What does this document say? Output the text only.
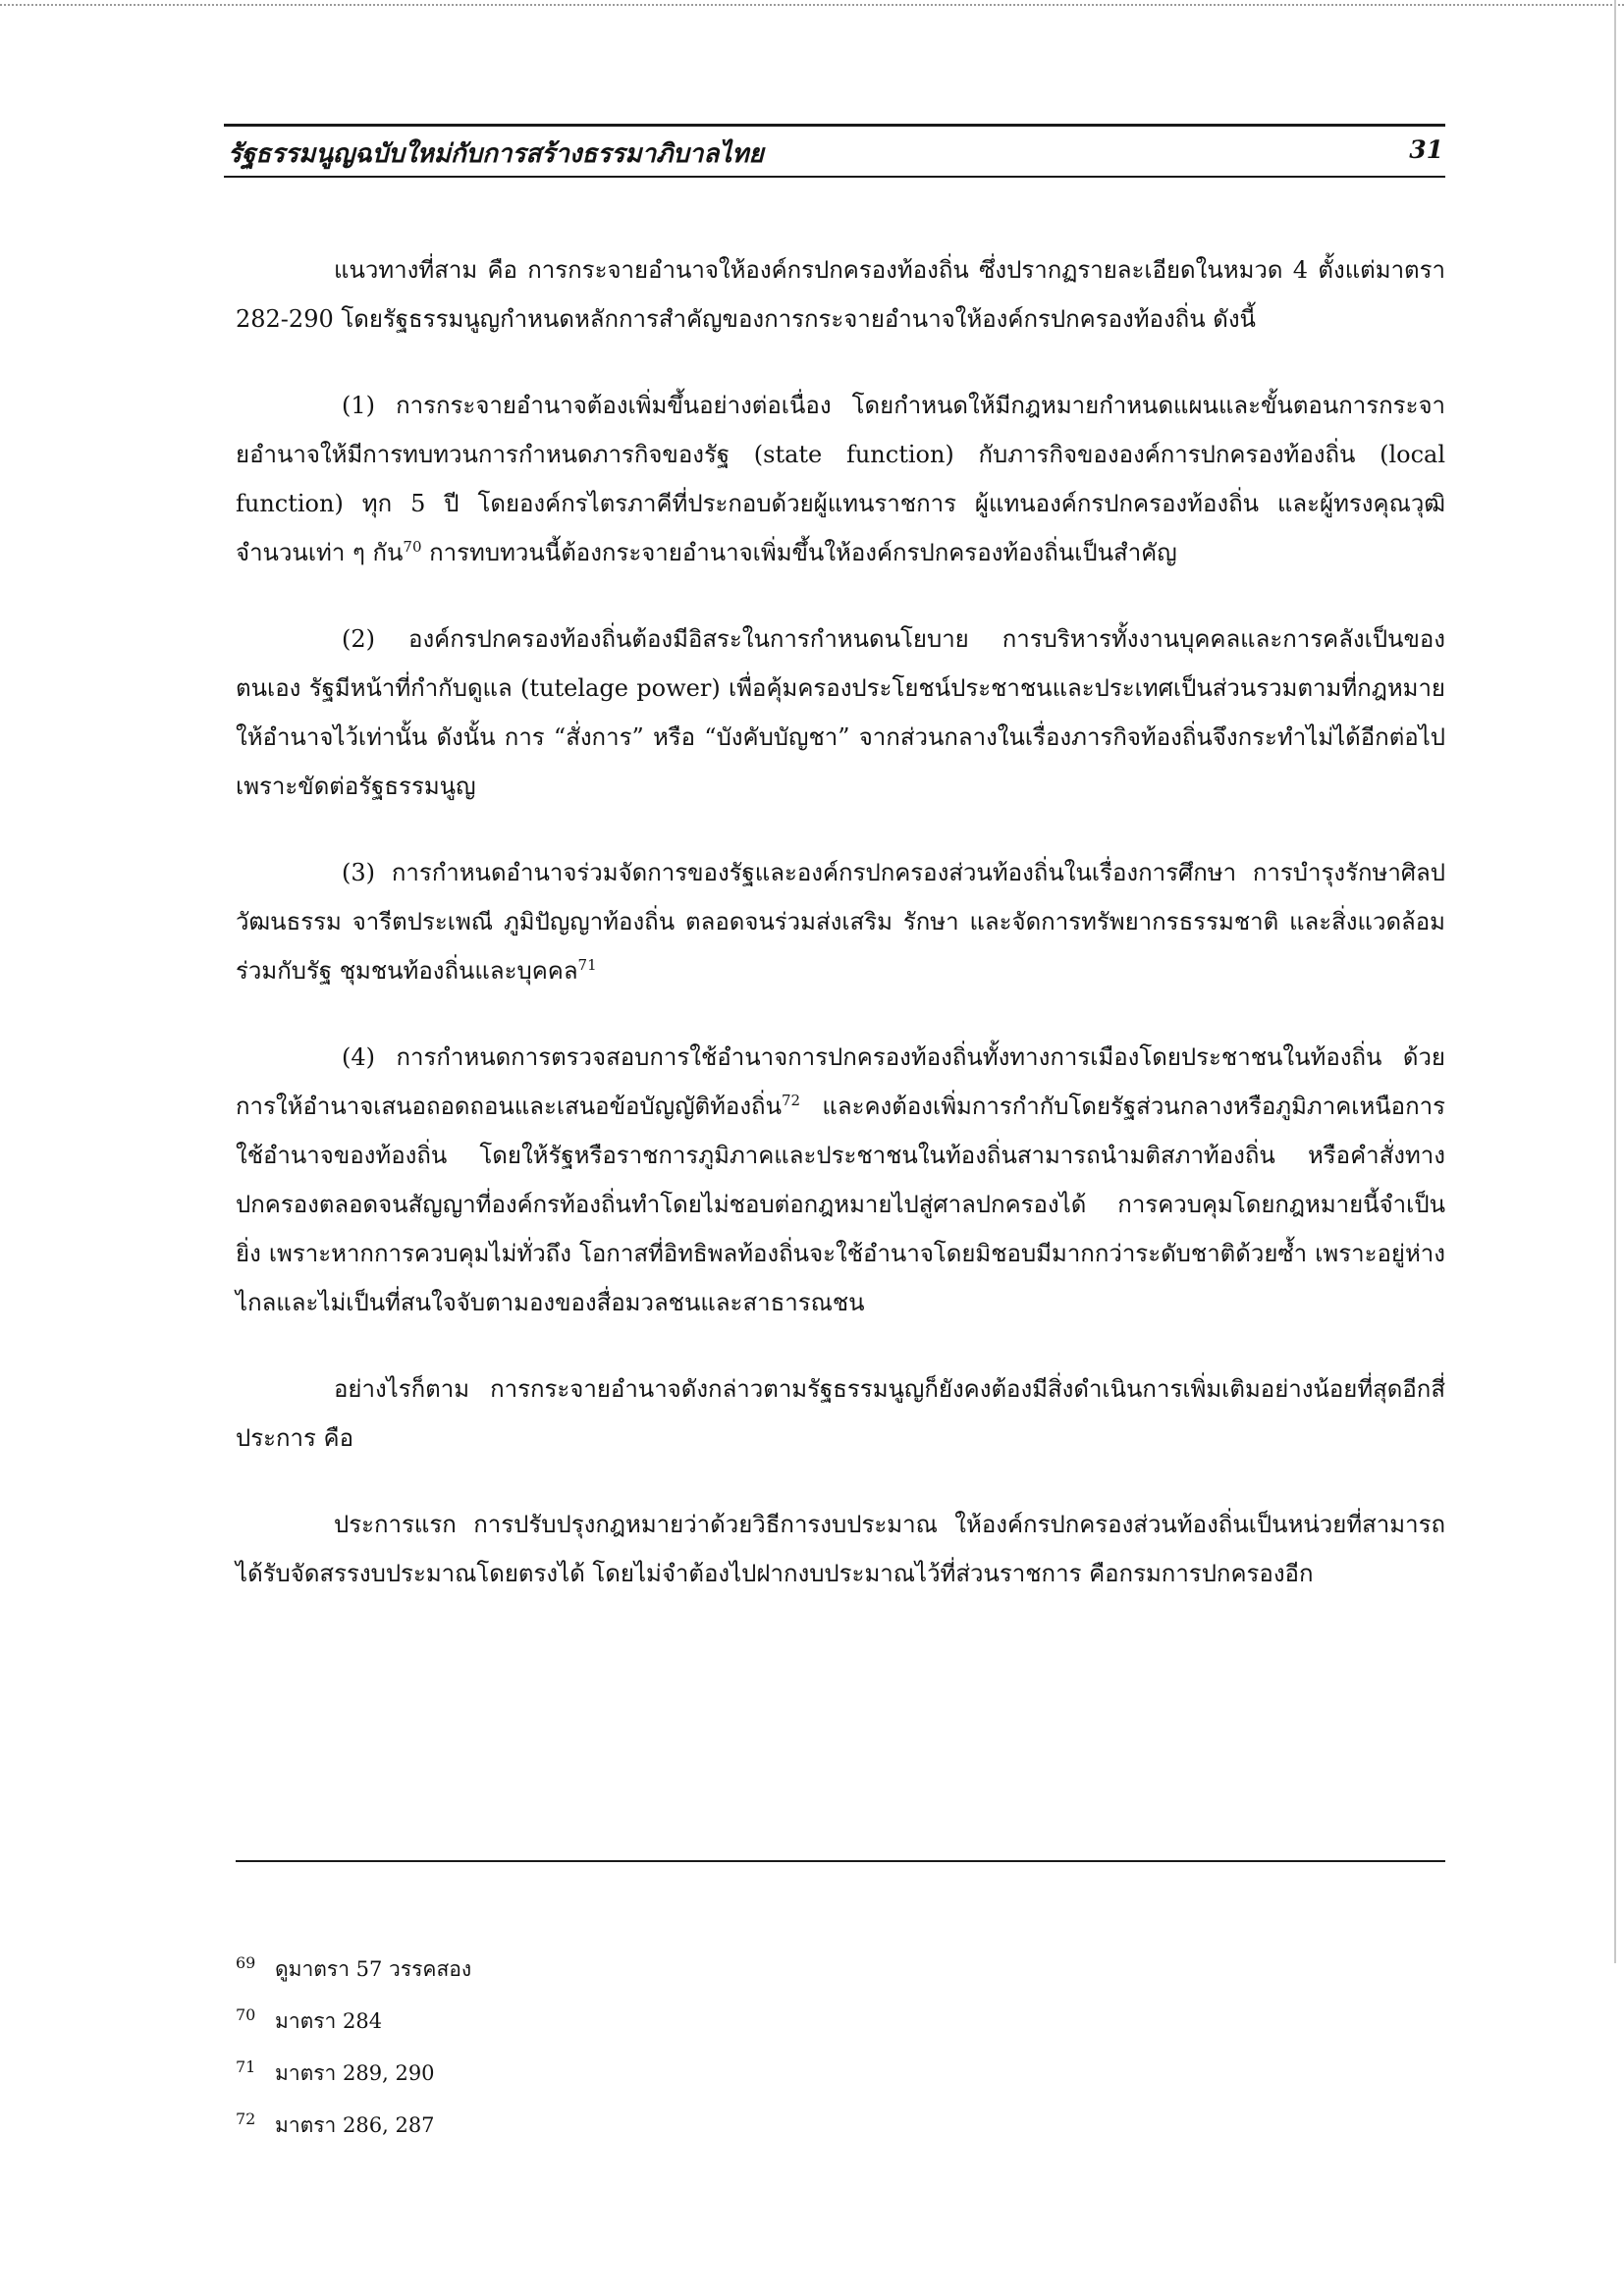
รัฐธรรมนูญฉบับใหม่กับการสร้างธรรมาภิบาลไทย	31

แนวทางที่สาม คือ การกระจายอำนาจให้องค์กรปกครองท้องถิ่น ซึ่งปรากฏรายละเอียดในหมวด 4 ตั้งแต่มาตรา 282-290 โดยรัฐธรรมนูญกำหนดหลักการสำคัญของการกระจายอำนาจให้องค์กรปกครองท้องถิ่น ดังนี้

(1) การกระจายอำนาจต้องเพิ่มขึ้นอย่างต่อเนื่อง โดยกำหนดให้มีกฎหมายกำหนดแผนและขั้นตอนการกระจายอำนาจให้มีการทบทวนการกำหนดภารกิจของรัฐ (state function) กับภารกิจขององค์การปกครองท้องถิ่น (local function) ทุก 5 ปี โดยองค์กรไตรภาคีที่ประกอบด้วยผู้แทนราชการ ผู้แทนองค์กรปกครองท้องถิ่น และผู้ทรงคุณวุฒิจำนวนเท่า ๆ กัน$^{70}$ การทบทวนนี้ต้องกระจายอำนาจเพิ่มขึ้นให้องค์กรปกครองท้องถิ่นเป็นสำคัญ

(2) องค์กรปกครองท้องถิ่นต้องมีอิสระในการกำหนดนโยบาย การบริหารทั้งงานบุคคลและการคลังเป็นของตนเอง รัฐมีหน้าที่กำกับดูแล (tutelage power) เพื่อคุ้มครองประโยชน์ประชาชนและประเทศเป็นส่วนรวมตามที่กฎหมายให้อำนาจไว้เท่านั้น ดังนั้น การ “สั่งการ” หรือ “บังคับบัญชา” จากส่วนกลางในเรื่องภารกิจท้องถิ่นจึงกระทำไม่ได้อีกต่อไป เพราะขัดต่อรัฐธรรมนูญ

(3) การกำหนดอำนาจร่วมจัดการของรัฐและองค์กรปกครองส่วนท้องถิ่นในเรื่องการศึกษา การบำรุงรักษาศิลปวัฒนธรรม จารีตประเพณี ภูมิปัญญาท้องถิ่น ตลอดจนร่วมส่งเสริม รักษา และจัดการทรัพยากรธรรมชาติ และสิ่งแวดล้อมร่วมกับรัฐ ชุมชนท้องถิ่นและบุคคล$^{71}$

(4) การกำหนดการตรวจสอบการใช้อำนาจการปกครองท้องถิ่นทั้งทางการเมืองโดยประชาชนในท้องถิ่น ด้วยการให้อำนาจเสนอถอดถอนและเสนอข้อบัญญัติท้องถิ่น$^{72}$ และคงต้องเพิ่มการกำกับโดยรัฐส่วนกลางหรือภูมิภาคเหนือการใช้อำนาจของท้องถิ่น โดยให้รัฐหรือราชการภูมิภาคและประชาชนในท้องถิ่นสามารถนำมติสภาท้องถิ่น หรือคำสั่งทางปกครองตลอดจนสัญญาที่องค์กรท้องถิ่นทำโดยไม่ชอบต่อกฎหมายไปสู่ศาลปกครองได้ การควบคุมโดยกฎหมายนี้จำเป็นยิ่ง เพราะหากการควบคุมไม่ทั่วถึง โอกาสที่อิทธิพลท้องถิ่นจะใช้อำนาจโดยมิชอบมีมากกว่าระดับชาติด้วยซ้ำ เพราะอยู่ห่างไกลและไม่เป็นที่สนใจจับตามองของสื่อมวลชนและสาธารณชน

อย่างไรก็ตาม การกระจายอำนาจดังกล่าวตามรัฐธรรมนูญก็ยังคงต้องมีสิ่งดำเนินการเพิ่มเติมอย่างน้อยที่สุดอีกสี่ประการ คือ

ประการแรก การปรับปรุงกฎหมายว่าด้วยวิธีการงบประมาณ ให้องค์กรปกครองส่วนท้องถิ่นเป็นหน่วยที่สามารถได้รับจัดสรรงบประมาณโดยตรงได้ โดยไม่จำต้องไปฝากงบประมาณไว้ที่ส่วนราชการ คือกรมการปกครองอีก

69 ดูมาตรา 57 วรรคสอง
70 มาตรา 284
71 มาตรา 289, 290
72 มาตรา 286, 287
